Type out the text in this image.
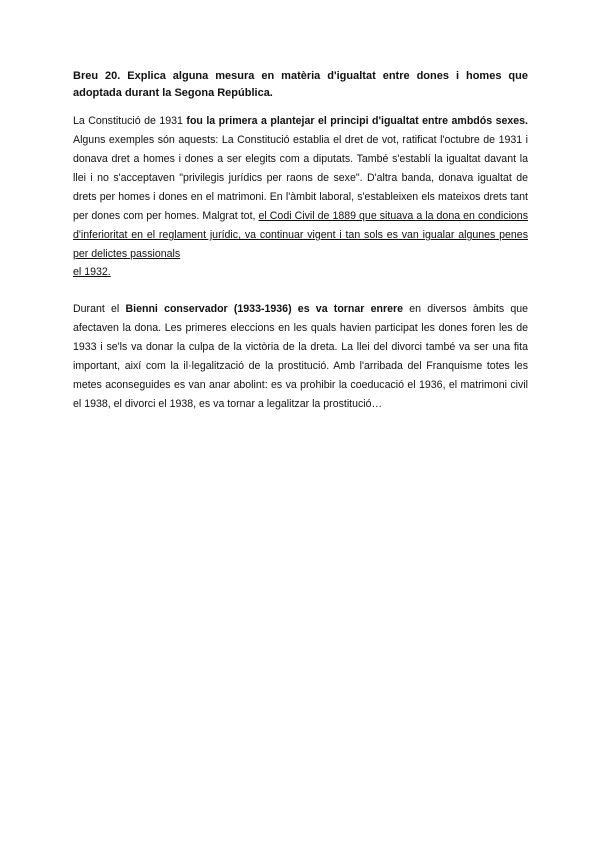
Breu 20. Explica alguna mesura en matèria d'igualtat entre dones i homes que adoptada durant la Segona República.

La Constitució de 1931 fou la primera a plantejar el principi d'igualtat entre ambdós sexes. Alguns exemples són aquests: La Constitució establia el dret de vot, ratificat l'octubre de 1931 i donava dret a homes i dones a ser elegits com a diputats. També s'establí la igualtat davant la llei i no s'acceptaven "privilegis jurídics per raons de sexe". D'altra banda, donava igualtat de drets per homes i dones en el matrimoni. En l'àmbit laboral, s'estableixen els mateixos drets tant per dones com per homes. Malgrat tot, el Codi Civil de 1889 que situava a la dona en condicions d'inferioritat en el reglament jurídic, va continuar vigent i tan sols es van igualar algunes penes per delictes passionals

el 1932.

Durant el Bienni conservador (1933-1936) es va tornar enrere en diversos àmbits que afectaven la dona. Les primeres eleccions en les quals havien participat les dones foren les de 1933 i se'ls va donar la culpa de la victòria de la dreta. La llei del divorci també va ser una fita important, així com la il·legalització de la prostitució. Amb l'arribada del Franquisme totes les metes aconseguides es van anar abolint: es va prohibir la coeducació el 1936, el matrimoni civil el 1938, el divorci el 1938, es va tornar a legalitzar la prostitució…
